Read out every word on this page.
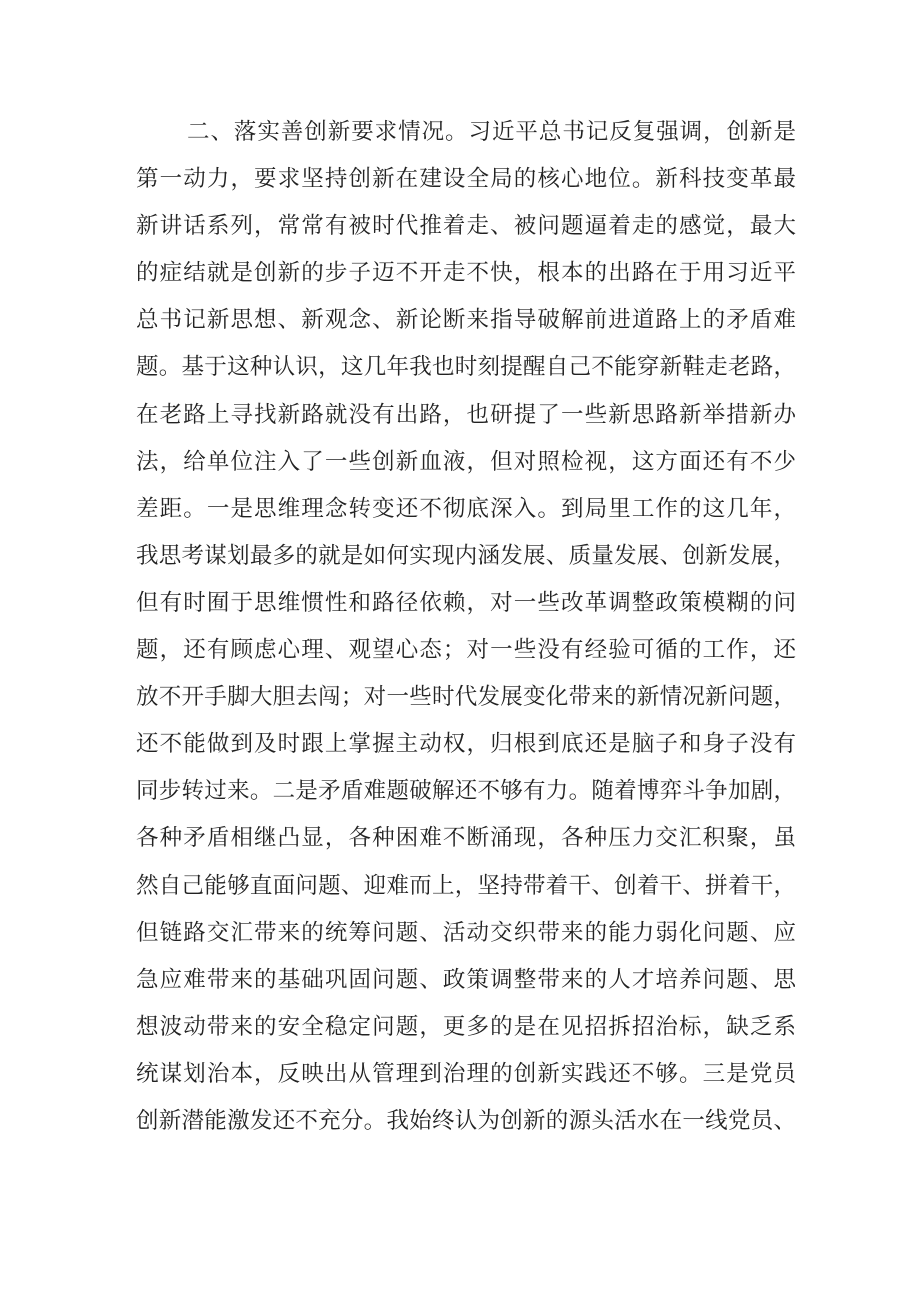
二、落实善创新要求情况。习近平总书记反复强调，创新是
第一动力，要求坚持创新在建设全局的核心地位。新科技变革最
新讲话系列，常常有被时代推着走、被问题逼着走的感觉，最大
的症结就是创新的步子迈不开走不快，根本的出路在于用习近平
总书记新思想、新观念、新论断来指导破解前进道路上的矛盾难
题。基于这种认识，这几年我也时刻提醒自己不能穿新鞋走老路，
在老路上寻找新路就没有出路，也研提了一些新思路新举措新办
法，给单位注入了一些创新血液，但对照检视，这方面还有不少
差距。一是思维理念转变还不彻底深入。到局里工作的这几年，
我思考谋划最多的就是如何实现内涵发展、质量发展、创新发展，
但有时囿于思维惯性和路径依赖，对一些改革调整政策模糊的问
题，还有顾虑心理、观望心态；对一些没有经验可循的工作，还
放不开手脚大胆去闯；对一些时代发展变化带来的新情况新问题，
还不能做到及时跟上掌握主动权，归根到底还是脑子和身子没有
同步转过来。二是矛盾难题破解还不够有力。随着博弈斗争加剧，
各种矛盾相继凸显，各种困难不断涌现，各种压力交汇积聚，虽
然自己能够直面问题、迎难而上，坚持带着干、创着干、拼着干，
但链路交汇带来的统筹问题、活动交织带来的能力弱化问题、应
急应难带来的基础巩固问题、政策调整带来的人才培养问题、思
想波动带来的安全稳定问题，更多的是在见招拆招治标，缺乏系
统谋划治本，反映出从管理到治理的创新实践还不够。三是党员
创新潜能激发还不充分。我始终认为创新的源头活水在一线党员、
